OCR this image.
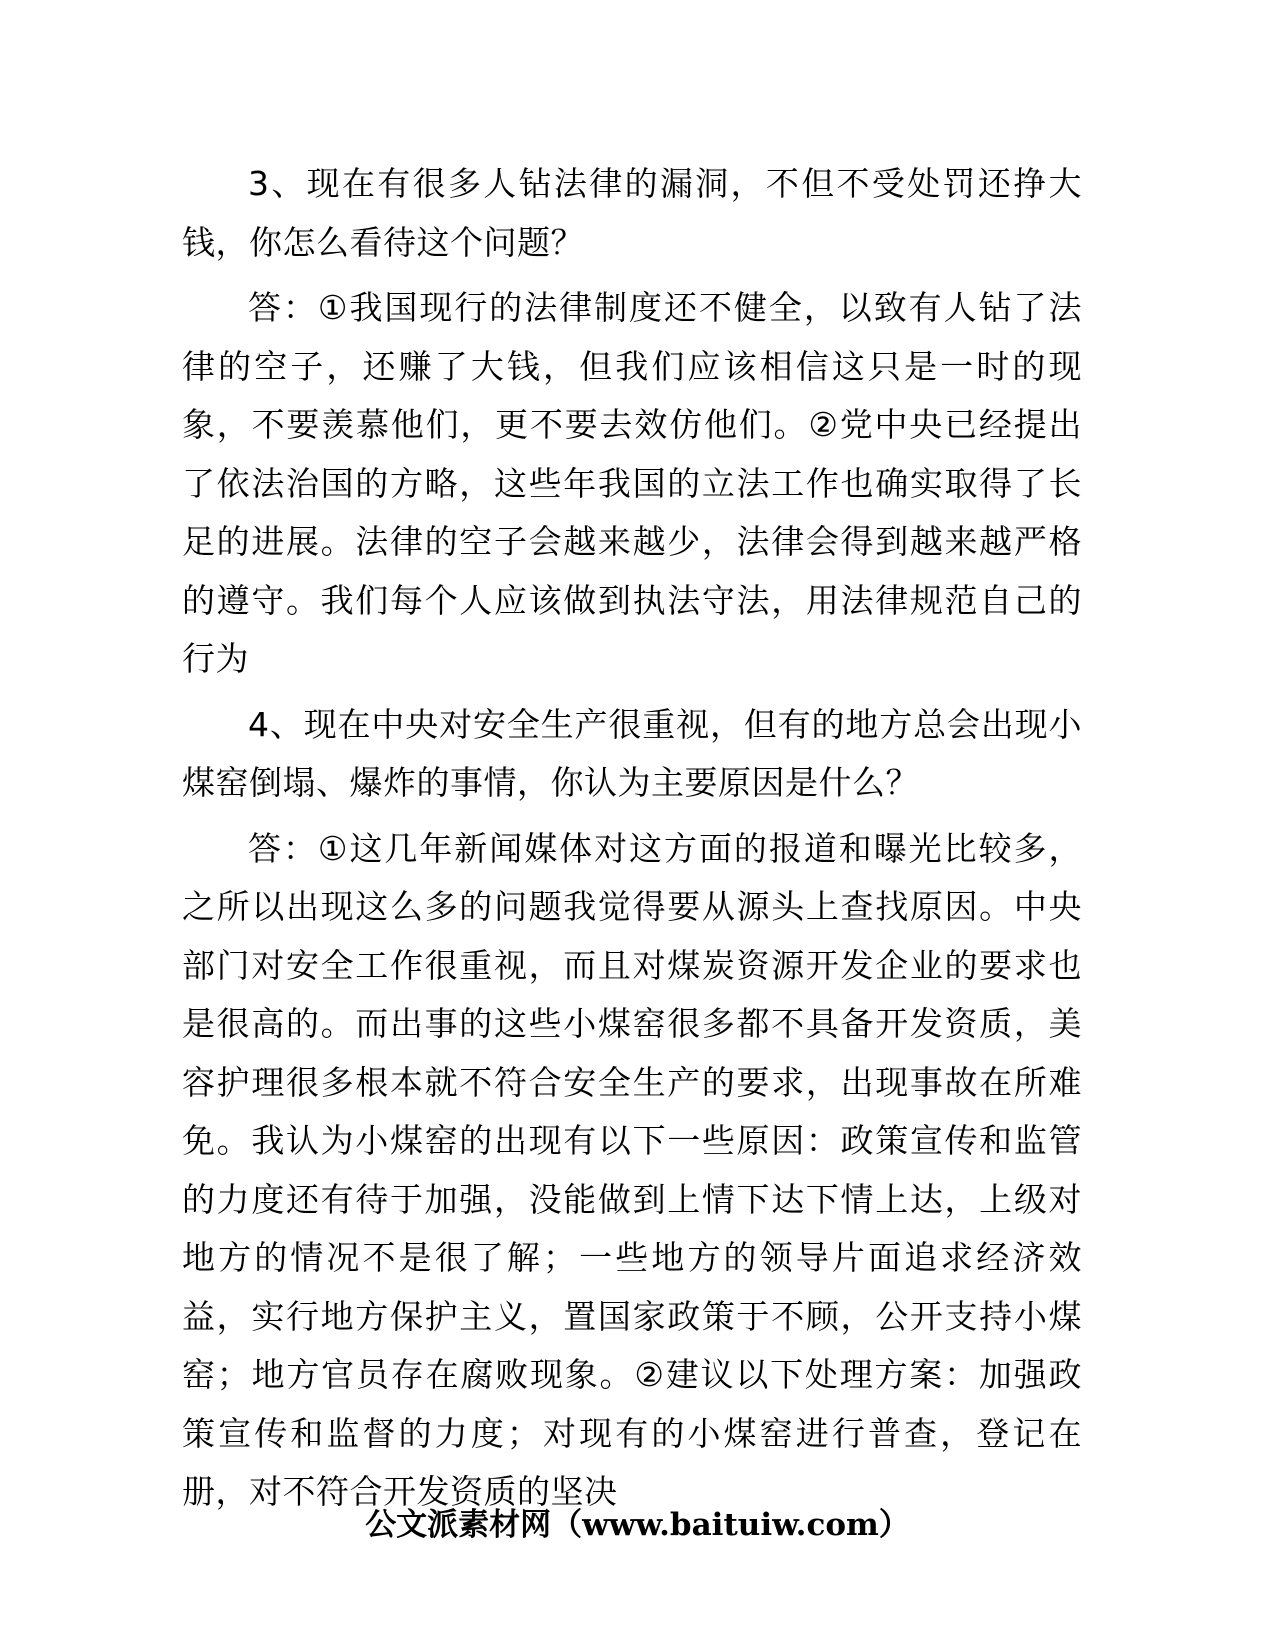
3、现在有很多人钻法律的漏洞，不但不受处罚还挣大钱，你怎么看待这个问题？

答：①我国现行的法律制度还不健全，以致有人钻了法律的空子，还赚了大钱，但我们应该相信这只是一时的现象，不要羡慕他们，更不要去效仿他们。②党中央已经提出了依法治国的方略，这些年我国的立法工作也确实取得了长足的进展。法律的空子会越来越少，法律会得到越来越严格的遵守。我们每个人应该做到执法守法，用法律规范自己的行为

4、现在中央对安全生产很重视，但有的地方总会出现小煤窑倒塌、爆炸的事情，你认为主要原因是什么？

答：①这几年新闻媒体对这方面的报道和曝光比较多，之所以出现这么多的问题我觉得要从源头上查找原因。中央部门对安全工作很重视，而且对煤炭资源开发企业的要求也是很高的。而出事的这些小煤窑很多都不具备开发资质，美容护理很多根本就不符合安全生产的要求，出现事故在所难免。我认为小煤窑的出现有以下一些原因：政策宣传和监管的力度还有待于加强，没能做到上情下达下情上达，上级对地方的情况不是很了解；一些地方的领导片面追求经济效益，实行地方保护主义，置国家政策于不顾，公开支持小煤窑；地方官员存在腐败现象。②建议以下处理方案：加强政策宣传和监督的力度；对现有的小煤窑进行普查，登记在册，对不符合开发资质的坚决

公文派素材网（www.baituiw.com）
